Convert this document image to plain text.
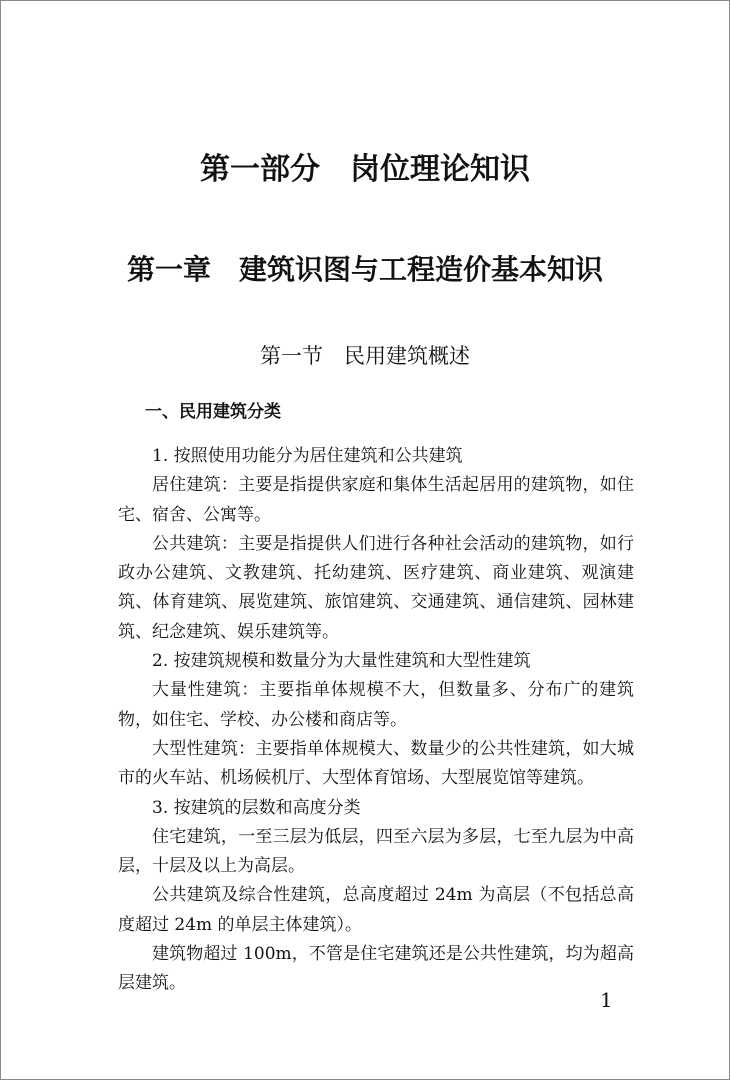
第一部分　岗位理论知识
第一章　建筑识图与工程造价基本知识
第一节　民用建筑概述
一、民用建筑分类

1. 按照使用功能分为居住建筑和公共建筑

居住建筑：主要是指提供家庭和集体生活起居用的建筑物，如住宅、宿舍、公寓等。

公共建筑：主要是指提供人们进行各种社会活动的建筑物，如行政办公建筑、文教建筑、托幼建筑、医疗建筑、商业建筑、观演建筑、体育建筑、展览建筑、旅馆建筑、交通建筑、通信建筑、园林建筑、纪念建筑、娱乐建筑等。

2. 按建筑规模和数量分为大量性建筑和大型性建筑

大量性建筑：主要指单体规模不大，但数量多、分布广的建筑物，如住宅、学校、办公楼和商店等。

大型性建筑：主要指单体规模大、数量少的公共性建筑，如大城市的火车站、机场候机厅、大型体育馆场、大型展览馆等建筑。

3. 按建筑的层数和高度分类

住宅建筑，一至三层为低层，四至六层为多层，七至九层为中高层，十层及以上为高层。

公共建筑及综合性建筑，总高度超过 24m 为高层（不包括总高度超过 24m 的单层主体建筑）。

建筑物超过 100m，不管是住宅建筑还是公共性建筑，均为超高层建筑。

1
